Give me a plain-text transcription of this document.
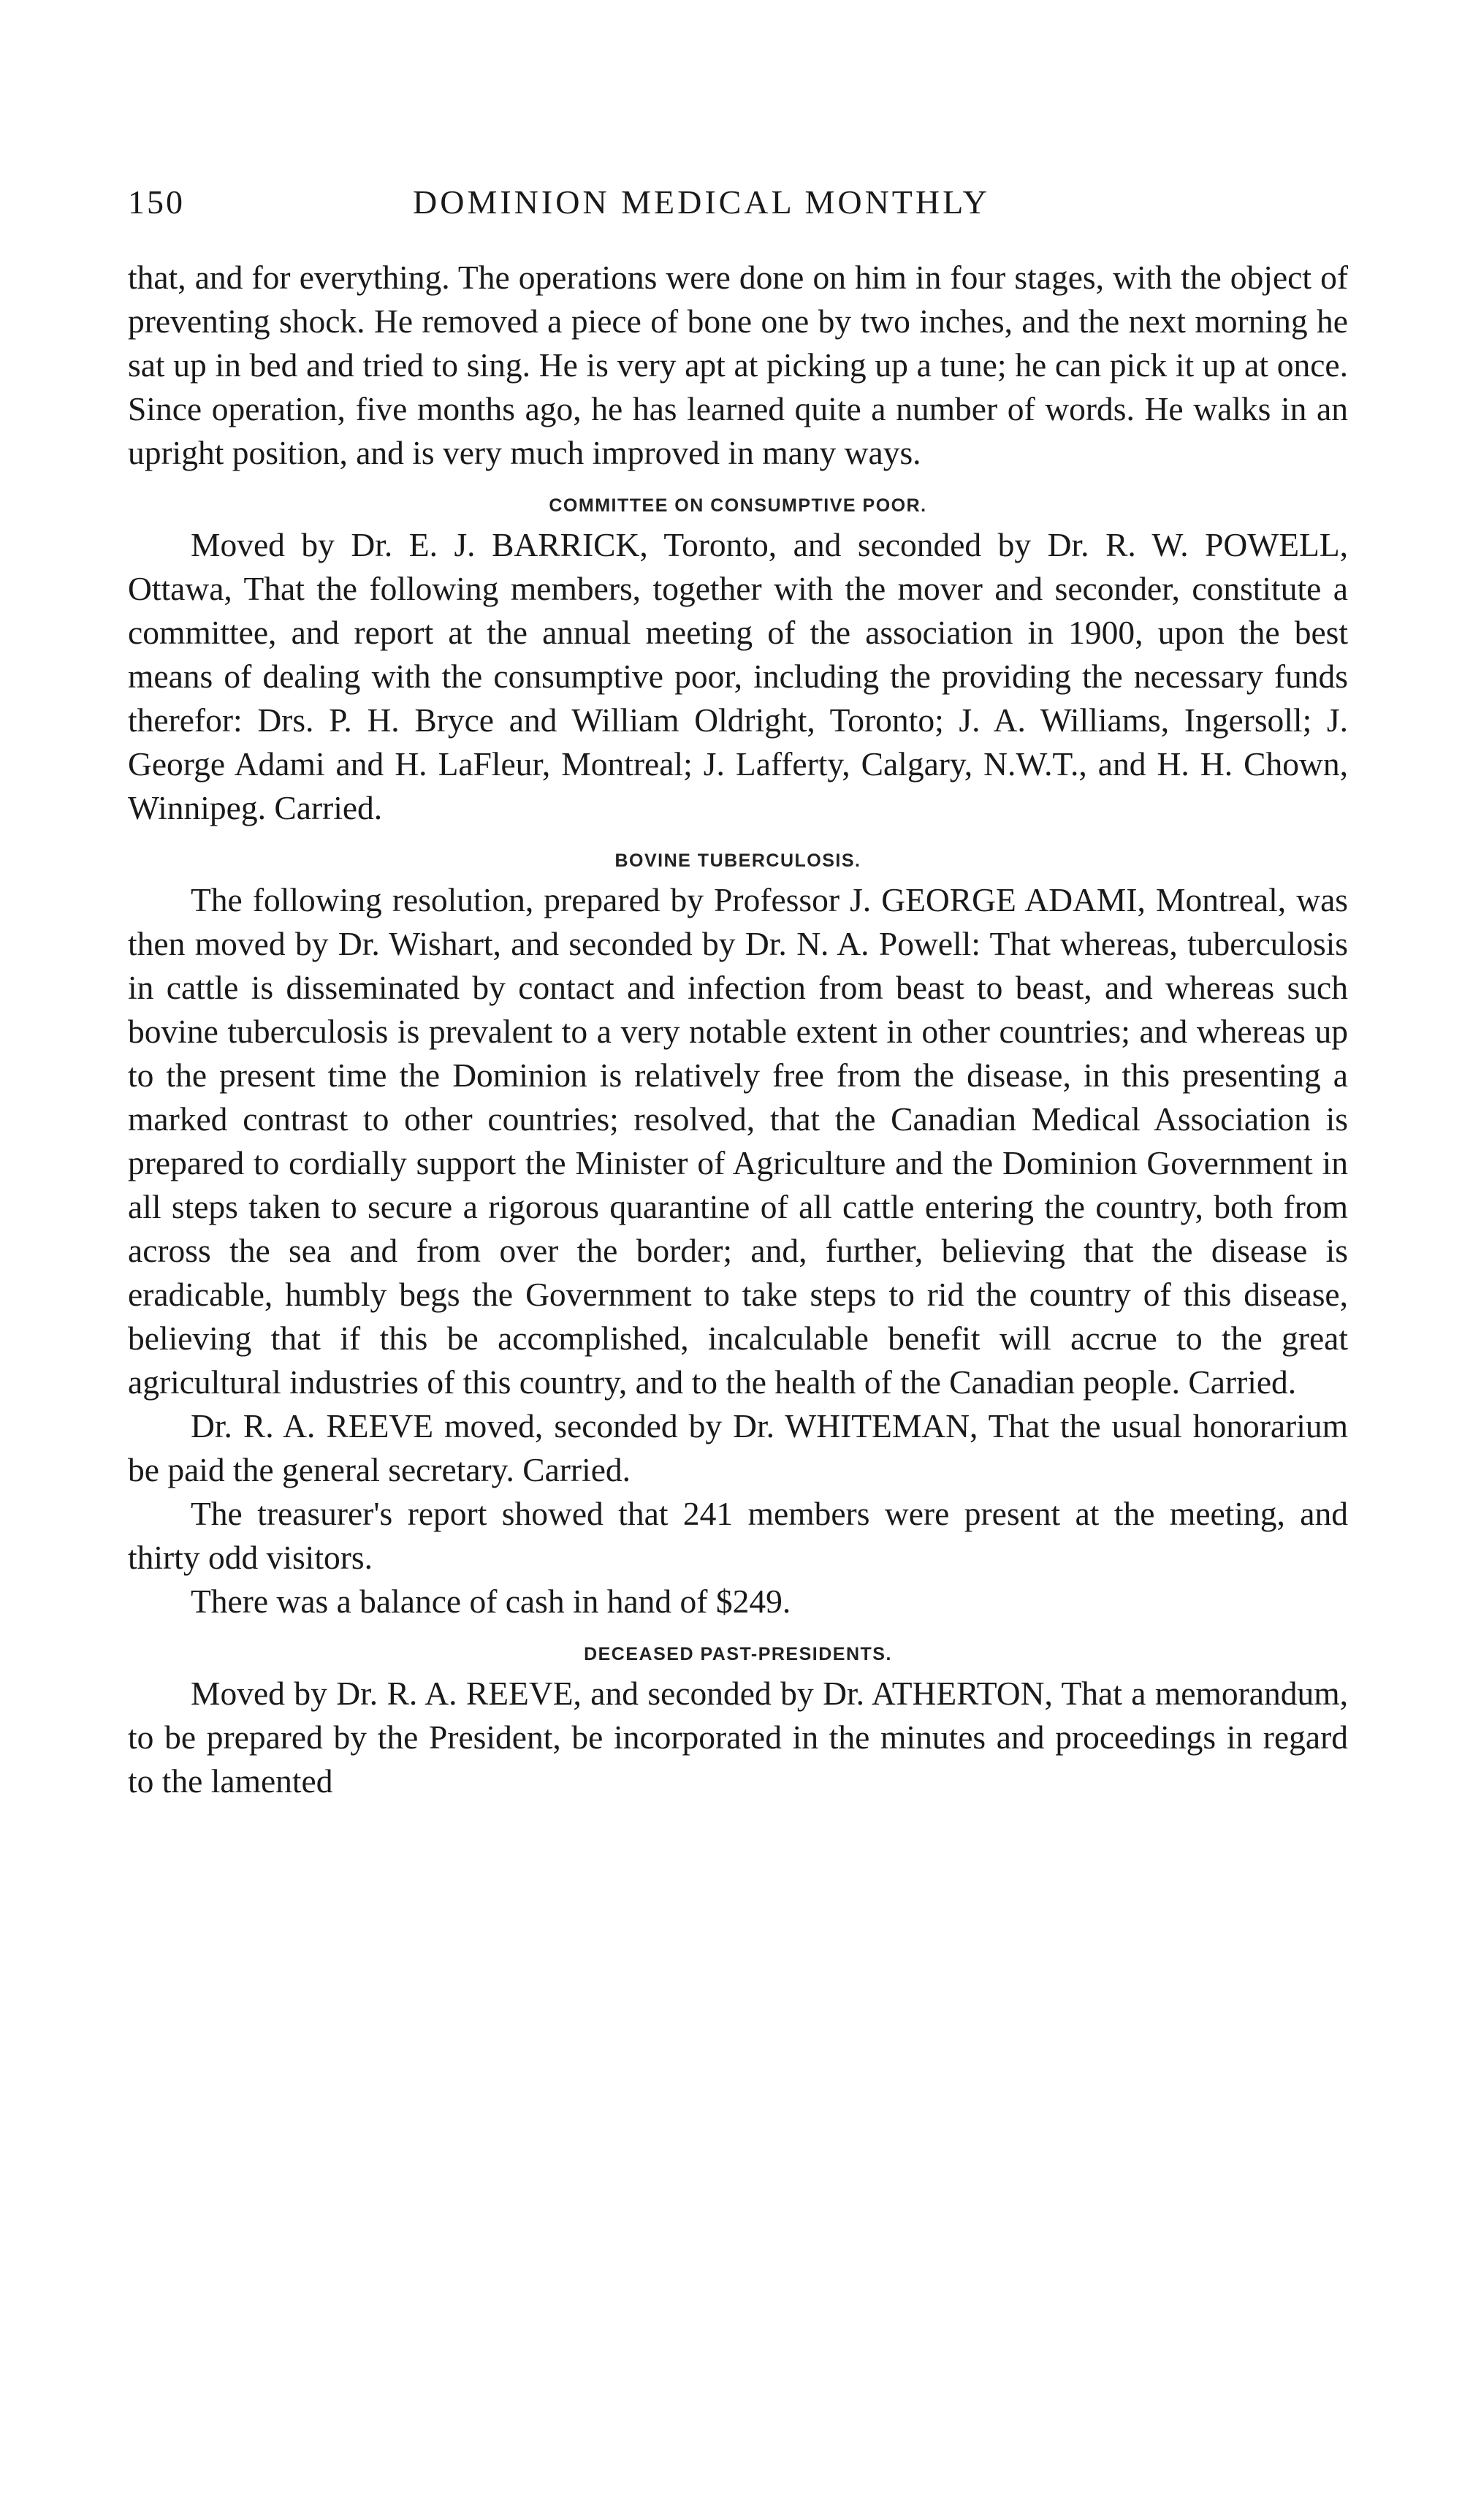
150	DOMINION MEDICAL MONTHLY

that, and for everything. The operations were done on him in four stages, with the object of preventing shock. He removed a piece of bone one by two inches, and the next morning he sat up in bed and tried to sing. He is very apt at picking up a tune; he can pick it up at once. Since operation, five months ago, he has learned quite a number of words. He walks in an upright position, and is very much improved in many ways.

COMMITTEE ON CONSUMPTIVE POOR.

Moved by Dr. E. J. BARRICK, Toronto, and seconded by Dr. R. W. POWELL, Ottawa, That the following members, together with the mover and seconder, constitute a committee, and report at the annual meeting of the association in 1900, upon the best means of dealing with the consumptive poor, including the providing the necessary funds therefor: Drs. P. H. Bryce and William Oldright, Toronto; J. A. Williams, Ingersoll; J. George Adami and H. LaFleur, Montreal; J. Lafferty, Calgary, N.W.T., and H. H. Chown, Winnipeg. Carried.

BOVINE TUBERCULOSIS.

The following resolution, prepared by Professor J. GEORGE ADAMI, Montreal, was then moved by Dr. Wishart, and seconded by Dr. N. A. Powell: That whereas, tuberculosis in cattle is disseminated by contact and infection from beast to beast, and whereas such bovine tuberculosis is prevalent to a very notable extent in other countries; and whereas up to the present time the Dominion is relatively free from the disease, in this presenting a marked contrast to other countries; resolved, that the Canadian Medical Association is prepared to cordially support the Minister of Agriculture and the Dominion Government in all steps taken to secure a rigorous quarantine of all cattle entering the country, both from across the sea and from over the border; and, further, believing that the disease is eradicable, humbly begs the Government to take steps to rid the country of this disease, believing that if this be accomplished, incalculable benefit will accrue to the great agricultural industries of this country, and to the health of the Canadian people. Carried.

Dr. R. A. REEVE moved, seconded by Dr. WHITEMAN, That the usual honorarium be paid the general secretary. Carried.

The treasurer's report showed that 241 members were present at the meeting, and thirty odd visitors.

There was a balance of cash in hand of $249.

DECEASED PAST-PRESIDENTS.

Moved by Dr. R. A. REEVE, and seconded by Dr. ATHERTON, That a memorandum, to be prepared by the President, be incorporated in the minutes and proceedings in regard to the lamented
